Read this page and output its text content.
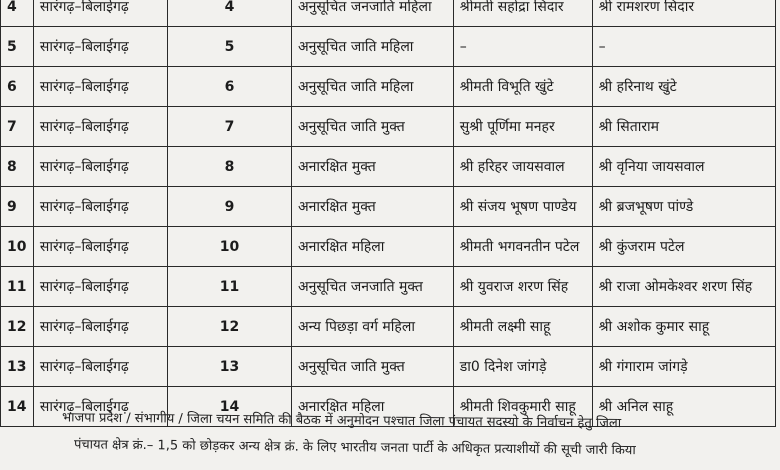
4	सारंगढ़–बिलाईगढ़	4	अनुसूचित जनजाति महिला	श्रीमती सहोद्रा सिदार	श्री रामशरण सिदार
5	सारंगढ़–बिलाईगढ़	5	अनुसूचित जाति महिला	–	–
6	सारंगढ़–बिलाईगढ़	6	अनुसूचित जाति महिला	श्रीमती विभूति खुंटे	श्री हरिनाथ खुंटे
7	सारंगढ़–बिलाईगढ़	7	अनुसूचित जाति मुक्त	सुश्री पूर्णिमा मनहर	श्री सिताराम
8	सारंगढ़–बिलाईगढ़	8	अनारक्षित मुक्त	श्री हरिहर जायसवाल	श्री वृनिया जायसवाल
9	सारंगढ़–बिलाईगढ़	9	अनारक्षित मुक्त	श्री संजय भूषण पाण्डेय	श्री ब्रजभूषण पांण्डे
10	सारंगढ़–बिलाईगढ़	10	अनारक्षित महिला	श्रीमती भगवनतीन पटेल	श्री कुंजराम पटेल
11	सारंगढ़–बिलाईगढ़	11	अनुसूचित जनजाति मुक्त	श्री युवराज शरण सिंह	श्री राजा ओमकेश्वर शरण सिंह
12	सारंगढ़–बिलाईगढ़	12	अन्य पिछड़ा वर्ग महिला	श्रीमती लक्ष्मी साहू	श्री अशोक कुमार साहू
13	सारंगढ़–बिलाईगढ़	13	अनुसूचित जाति मुक्त	डा0 दिनेश जांगड़े	श्री गंगाराम जांगड़े
14	सारंगढ़–बिलाईगढ़	14	अनारक्षित महिला	श्रीमती शिवकुमारी साहू	श्री अनिल साहू
भाजपा प्रदेश / संभागीय / जिला चयन समिति की बैठक में अनुमोदन पश्चात जिला पंचायत सदस्यो के निर्वाचन हेतु जिला
पंचायत क्षेत्र क्रं.– 1,5 को छोड़कर अन्य क्षेत्र क्रं. के लिए भारतीय जनता पार्टी के अधिकृत प्रत्याशीयों की सूची जारी किया
